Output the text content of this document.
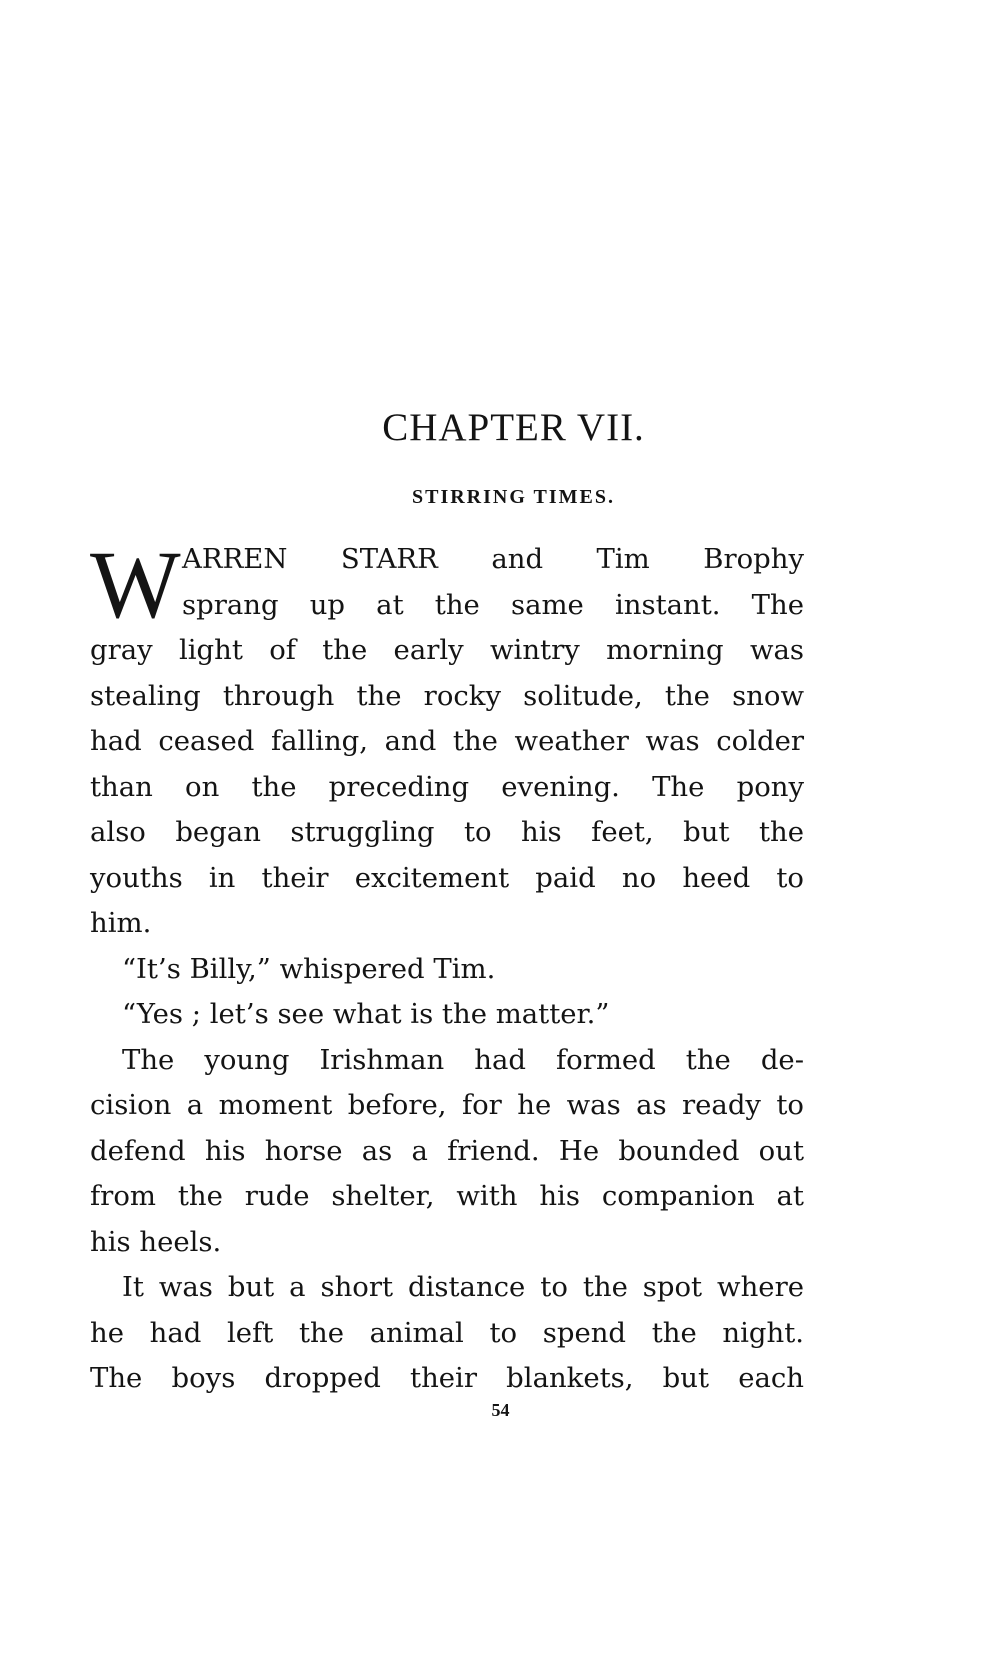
CHAPTER VII.
STIRRING TIMES.
W ARREN STARR and Tim Brophy
sprang up at the same instant. The
gray light of the early wintry morning was
stealing through the rocky solitude, the snow
had ceased falling, and the weather was colder
than on the preceding evening. The pony
also began struggling to his feet, but the
youths in their excitement paid no heed to
him.
“It’s Billy,” whispered Tim.
“Yes ; let’s see what is the matter.”
The young Irishman had formed the de-
cision a moment before, for he was as ready to
defend his horse as a friend. He bounded out
from the rude shelter, with his companion at
his heels.
It was but a short distance to the spot where
he had left the animal to spend the night.
The boys dropped their blankets, but each
54
